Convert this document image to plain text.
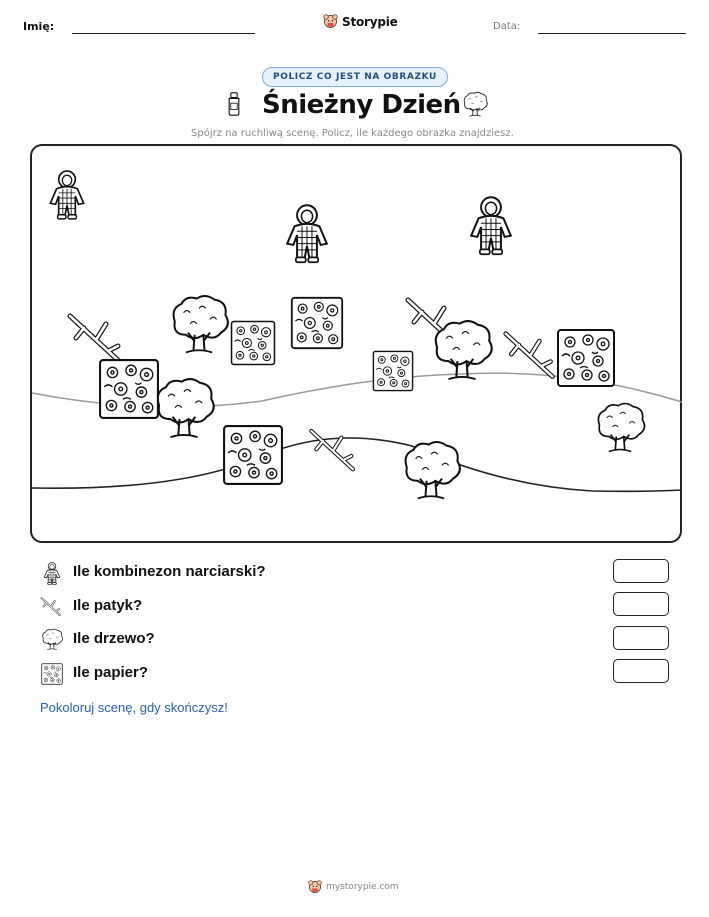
Imię:	Storypie	Data:
POLICZ CO JEST NA OBRAZKU
Śnieżny Dzień
Spójrz na ruchliwą scenę. Policz, ile każdego obrazka znajdziesz.
Ile kombinezon narciarski?
Ile patyk?
Ile drzewo?
Ile papier?
Pokoloruj scenę, gdy skończysz!
mystorypie.com
